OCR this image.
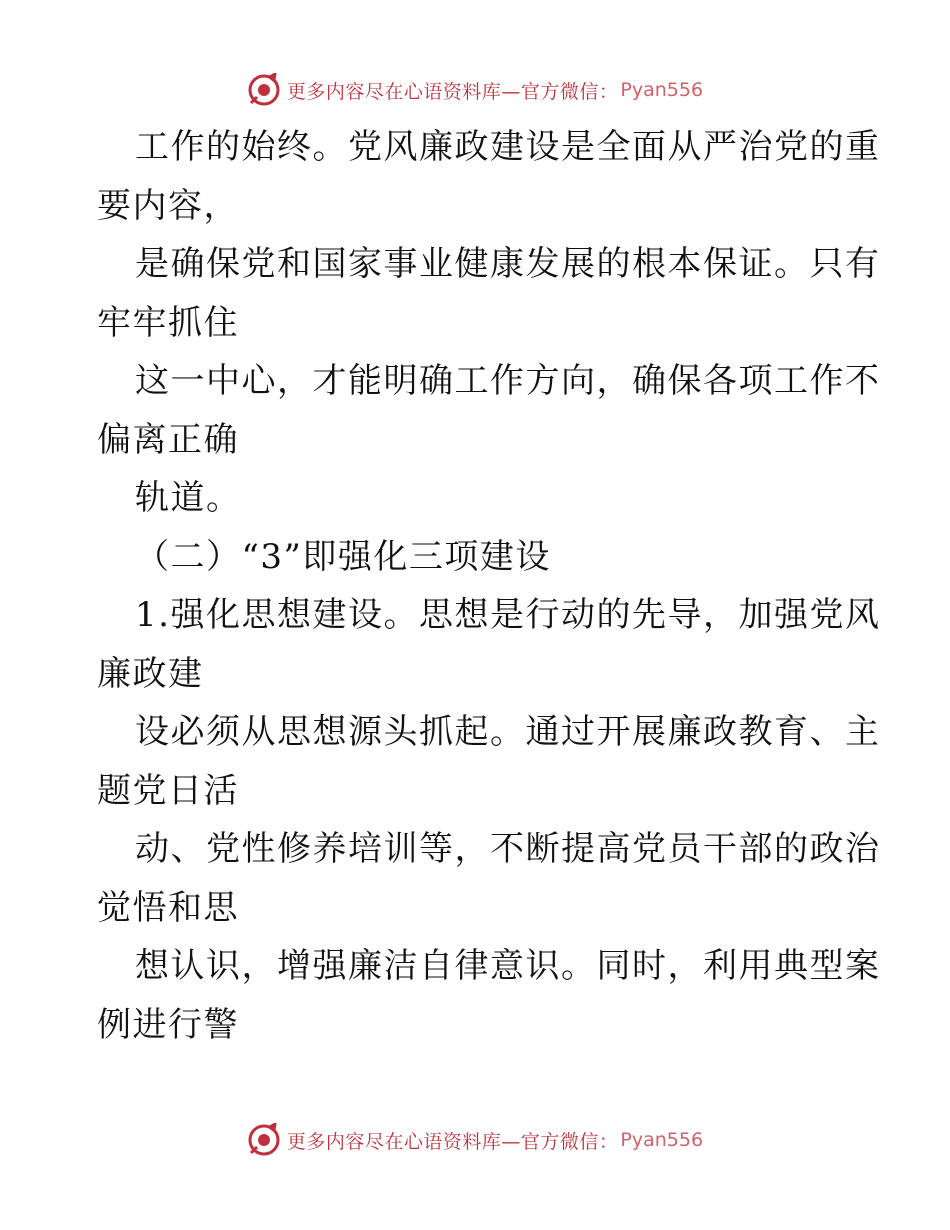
更多内容尽在心语资料库—官方微信： Pyan556
工作的始终。党风廉政建设是全面从严治党的重
要内容，
是确保党和国家事业健康发展的根本保证。只有
牢牢抓住
这一中心，才能明确工作方向，确保各项工作不
偏离正确
轨道。
（二）“3”即强化三项建设
1.强化思想建设。思想是行动的先导，加强党风
廉政建
设必须从思想源头抓起。通过开展廉政教育、主
题党日活
动、党性修养培训等，不断提高党员干部的政治
觉悟和思
想认识，增强廉洁自律意识。同时，利用典型案
例进行警
更多内容尽在心语资料库—官方微信： Pyan556
